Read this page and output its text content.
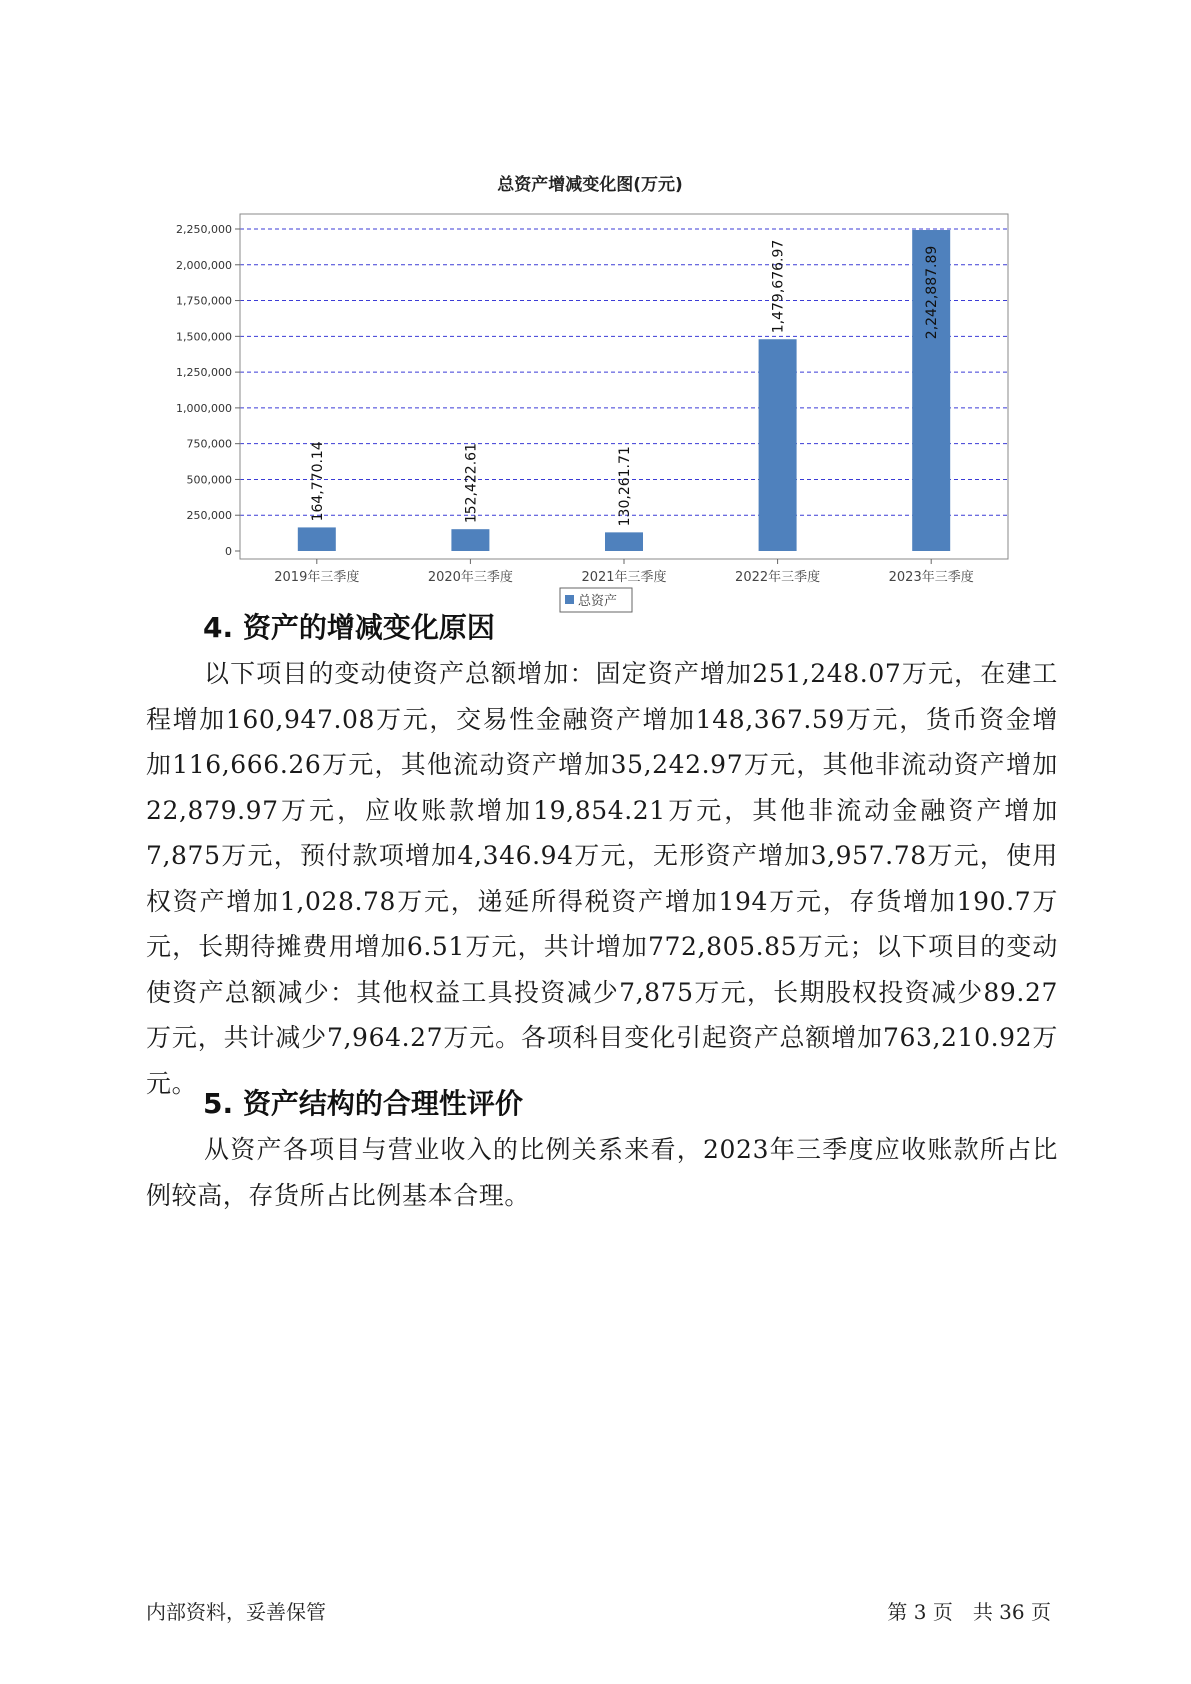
总资产增减变化图(万元)
0
250,000
500,000
750,000
1,000,000
1,250,000
1,500,000
1,750,000
2,000,000
2,250,000
164,770.14	152,422.61	130,261.71
1,479,676.97	2,242,887.89
2019年三季度	2020年三季度	2021年三季度	2022年三季度	2023年三季度
总资产
4. 资产的增减变化原因

以下项目的变动使资产总额增加：固定资产增加251,248.07万元，在建工程增加160,947.08万元，交易性金融资产增加148,367.59万元，货币资金增加116,666.26万元，其他流动资产增加35,242.97万元，其他非流动资产增加22,879.97万元，应收账款增加19,854.21万元，其他非流动金融资产增加7,875万元，预付款项增加4,346.94万元，无形资产增加3,957.78万元，使用权资产增加1,028.78万元，递延所得税资产增加194万元，存货增加190.7万元，长期待摊费用增加6.51万元，共计增加772,805.85万元；以下项目的变动使资产总额减少：其他权益工具投资减少7,875万元，长期股权投资减少89.27万元，共计减少7,964.27万元。各项科目变化引起资产总额增加763,210.92万元。

5. 资产结构的合理性评价

从资产各项目与营业收入的比例关系来看，2023年三季度应收账款所占比例较高，存货所占比例基本合理。

内部资料，妥善保管	第 3 页　共 36 页
